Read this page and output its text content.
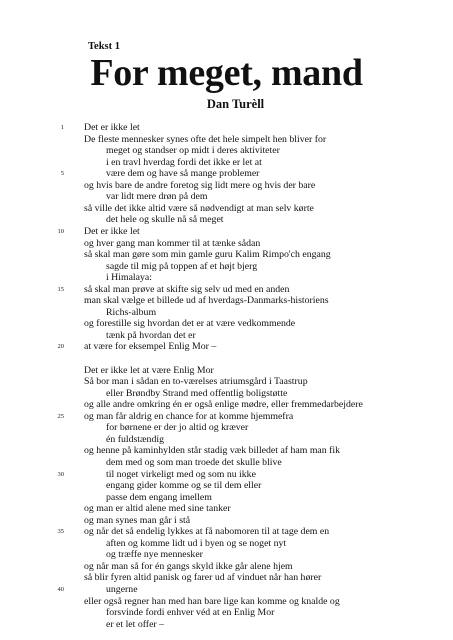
Tekst 1
For meget, mand
Dan Turèll
1 Det er ikke let
De fleste mennesker synes ofte det hele simpelt hen bliver for
meget og standser op midt i deres aktiviteter
i en travl hverdag fordi det ikke er let at
5	være dem og have så mange problemer
og hvis bare de andre foretog sig lidt mere og hvis der bare
var lidt mere drøn på dem
så ville det ikke altid være så nødvendigt at man selv kørte
det hele og skulle nå så meget
10 Det er ikke let
og hver gang man kommer til at tænke sådan
så skal man gøre som min gamle guru Kalim Rimpo'ch engang
sagde til mig på toppen af et højt bjerg
i Himalaya:
15 så skal man prøve at skifte sig selv ud med en anden
man skal vælge et billede ud af hverdags-Danmarks-historiens
Richs-album
og forestille sig hvordan det er at være vedkommende
tænk på hvordan det er
20 at være for eksempel Enlig Mor –
Det er ikke let at være Enlig Mor
Så bor man i sådan en to-værelses atriumsgård i Taastrup
eller Brøndby Strand med offentlig boligstøtte
og alle andre omkring én er også enlige mødre, eller fremmedarbejdere
25 og man får aldrig en chance for at komme hjemmefra
for børnene er der jo altid og kræver
én fuldstændig
og henne på kaminhylden står stadig væk billedet af ham man fik
dem med og som man troede det skulle blive
30	til noget virkeligt med og som nu ikke
engang gider komme og se til dem eller
passe dem engang imellem
og man er altid alene med sine tanker
og man synes man går i stå
35 og når det så endelig lykkes at få nabomoren til at tage dem en
aften og komme lidt ud i byen og se noget nyt
og træffe nye mennesker
og når man så for én gangs skyld ikke går alene hjem
så blir fyren altid panisk og farer ud af vinduet når han hører
40	ungerne
eller også regner han med han bare lige kan komme og knalde og
forsvinde fordi enhver véd at en Enlig Mor
er et let offer –
